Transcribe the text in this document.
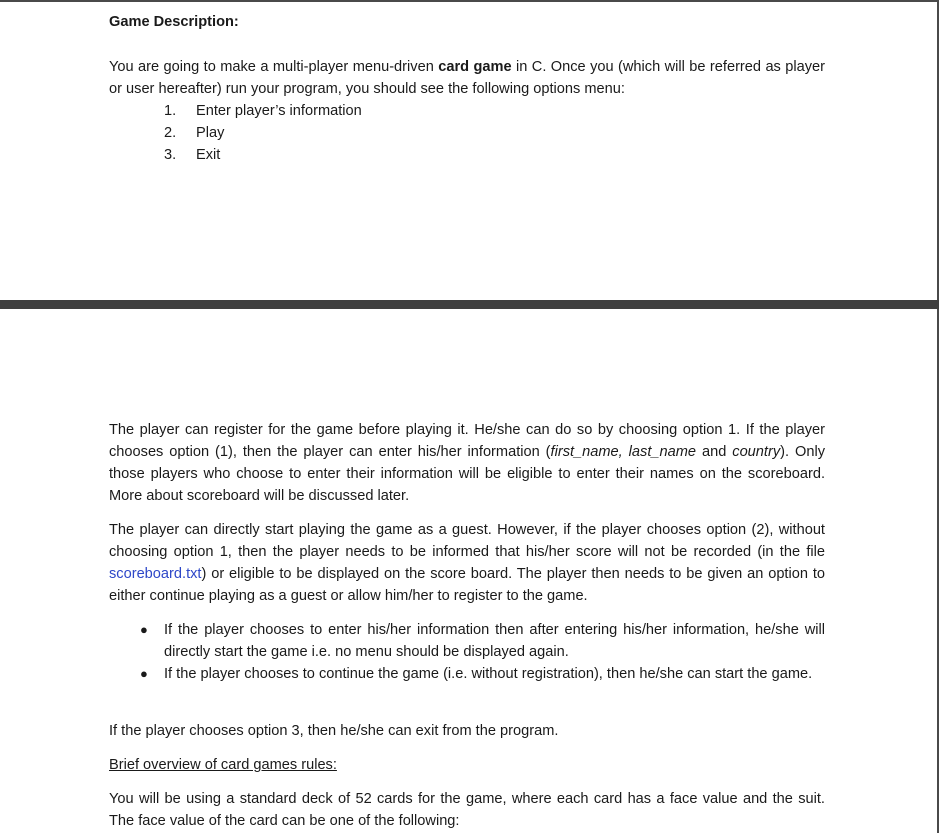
Game Description:

You are going to make a multi-player menu-driven card game in C. Once you (which will be referred as player or user hereafter) run your program, you should see the following options menu:

1.	Enter player’s information
2.	Play
3.	Exit

The player can register for the game before playing it. He/she can do so by choosing option 1. If the player chooses option (1), then the player can enter his/her information (first_name, last_name and country). Only those players who choose to enter their information will be eligible to enter their names on the scoreboard. More about scoreboard will be discussed later.

The player can directly start playing the game as a guest. However, if the player chooses option (2), without choosing option 1, then the player needs to be informed that his/her score will not be recorded (in the file scoreboard.txt) or eligible to be displayed on the score board. The player then needs to be given an option to either continue playing as a guest or allow him/her to register to the game.

● If the player chooses to enter his/her information then after entering his/her information, he/she will directly start the game i.e. no menu should be displayed again.
● If the player chooses to continue the game (i.e. without registration), then he/she can start the game.

If the player chooses option 3, then he/she can exit from the program.

Brief overview of card games rules:

You will be using a standard deck of 52 cards for the game, where each card has a face value and the suit. The face value of the card can be one of the following:
